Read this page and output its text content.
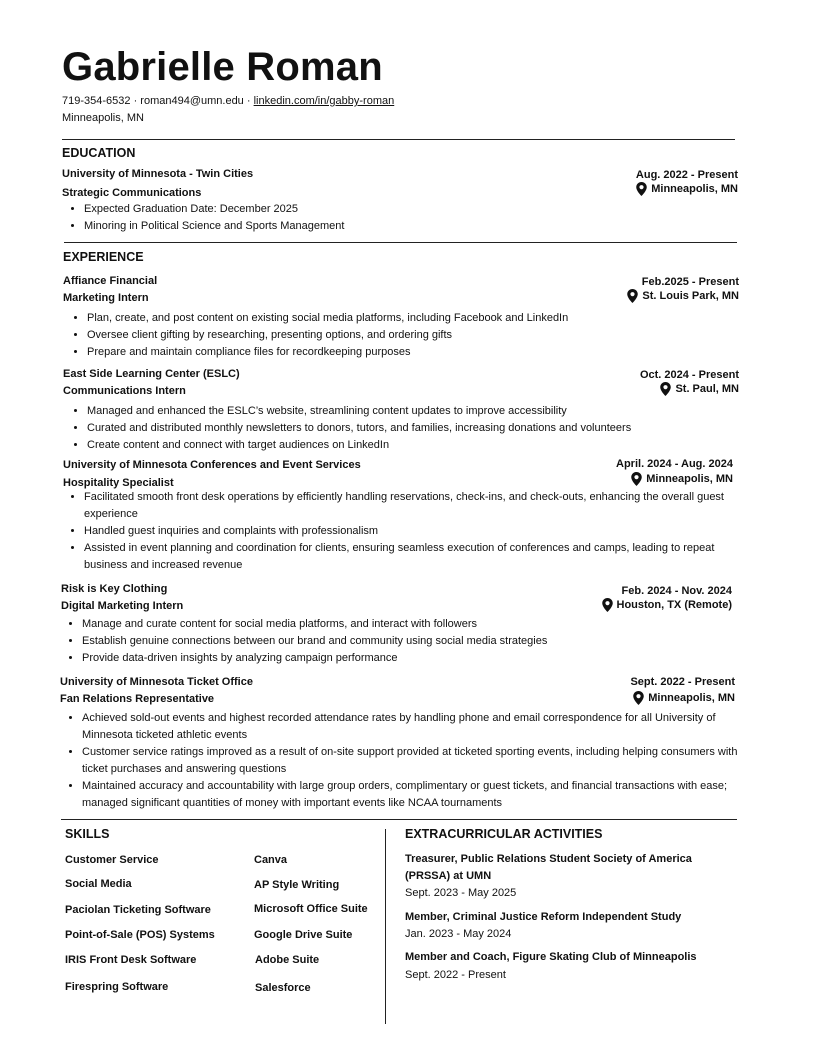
Gabrielle Roman
719-354-6532 · roman494@umn.edu · linkedin.com/in/gabby-roman
Minneapolis, MN
EDUCATION
University of Minnesota - Twin Cities
Strategic Communications
Aug. 2022 - Present
Minneapolis, MN
• Expected Graduation Date: December 2025
• Minoring in Political Science and Sports Management
EXPERIENCE
Affiance Financial
Marketing Intern
Feb.2025 - Present
St. Louis Park, MN
• Plan, create, and post content on existing social media platforms, including Facebook and LinkedIn
• Oversee client gifting by researching, presenting options, and ordering gifts
• Prepare and maintain compliance files for recordkeeping purposes
East Side Learning Center (ESLC)
Communications Intern
Oct. 2024 - Present
St. Paul, MN
• Managed and enhanced the ESLC’s website, streamlining content updates to improve accessibility
• Curated and distributed monthly newsletters to donors, tutors, and families, increasing donations and volunteers
• Create content and connect with target audiences on LinkedIn
University of Minnesota Conferences and Event Services
Hospitality Specialist
April. 2024 - Aug. 2024
Minneapolis, MN
• Facilitated smooth front desk operations by efficiently handling reservations, check-ins, and check-outs, enhancing the overall guest experience
• Handled guest inquiries and complaints with professionalism
• Assisted in event planning and coordination for clients, ensuring seamless execution of conferences and camps, leading to repeat business and increased revenue
Risk is Key Clothing
Digital Marketing Intern
Feb. 2024 - Nov. 2024
Houston, TX (Remote)
• Manage and curate content for social media platforms, and interact with followers
• Establish genuine connections between our brand and community using social media strategies
• Provide data-driven insights by analyzing campaign performance
University of Minnesota Ticket Office
Fan Relations Representative
Sept. 2022 - Present
Minneapolis, MN
• Achieved sold-out events and highest recorded attendance rates by handling phone and email correspondence for all University of Minnesota ticketed athletic events
• Customer service ratings improved as a result of on-site support provided at ticketed sporting events, including helping consumers with ticket purchases and answering questions
• Maintained accuracy and accountability with large group orders, complimentary or guest tickets, and financial transactions with ease; managed significant quantities of money with important events like NCAA tournaments
SKILLS
Customer Service
Social Media
Paciolan Ticketing Software
Point-of-Sale (POS) Systems
IRIS Front Desk Software
Firespring Software
Canva
AP Style Writing
Microsoft Office Suite
Google Drive Suite
Adobe Suite
Salesforce
EXTRACURRICULAR ACTIVITIES
Treasurer, Public Relations Student Society of America (PRSSA) at UMN
Sept. 2023 - May 2025
Member, Criminal Justice Reform Independent Study
Jan. 2023 - May 2024
Member and Coach, Figure Skating Club of Minneapolis
Sept. 2022 - Present
